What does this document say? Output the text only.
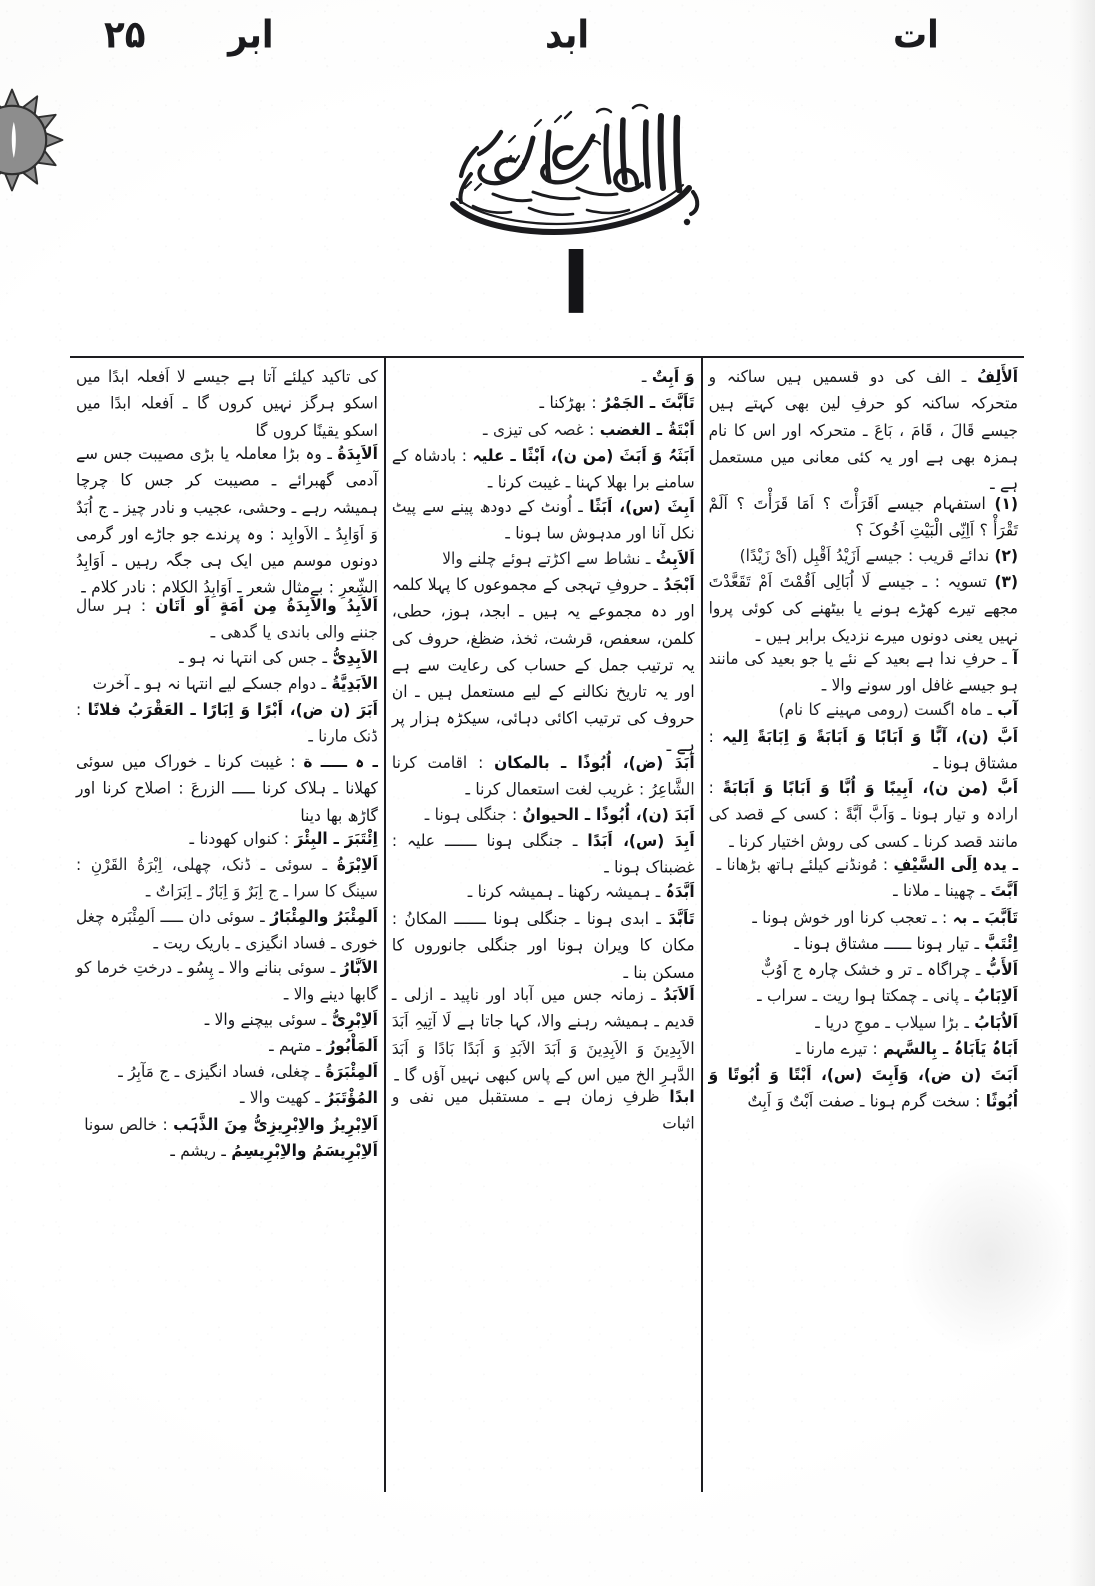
۲۵ ابر	ابد	ات
ا

اَلأَلِفُ ـ الف کی دو قسمیں ہیں ساکنہ و متحرکہ ساکنہ کو حرفِ لین بھی کہتے ہیں جیسے قَالَ ، قَامَ ، بَاعَ ـ متحرکہ اور اس کا نام ہمزہ بھی ہے اور یہ کئی معانی میں مستعمل ہے ـ

(۱) استفہام جیسے اَقَرَأْتَ ؟ اَمَا قَرَأْتَ ؟ اَلَمْ تَقْرَأْ ؟ اَاِنِّی الْبَیْتِ اَخُوکَ ؟

(۲) ندائے قریب : جیسے اَزَیْدُ اَقْبِل (اَیْ زَیْدًا)

(۳) تسویہ : ـ جیسے لَا اُبَالِی اَقُمْتَ اَمْ تَقَعَّدْتَ مجھے تیرے کھڑے ہونے یا بیٹھنے کی کوئی پروا نہیں یعنی دونوں میرے نزدیک برابر ہیں ـ

آ ـ حرفِ ندا ہے بعید کے نئے یا جو بعید کی مانند ہو جیسے غافل اور سونے والا ـ

آب ـ ماہ اگست (رومی مہینے کا نام)

اَبَّ (ن)، آبًّا وَ اَبَابًا وَ اَبَابَةً وَ اِبَابَةً اِلیہ : مشتاق ہونا ـ

اَبَّ (من ن)، اَبِیبًا وَ اُبَّا وَ اَبَابًا وَ اَبَابَةً : ارادہ و تیار ہونا ـ وَاَبَّ اَبَّةً : کسی کے قصد کی مانند قصد کرنا ـ کسی کی روش اختیار کرنا ـ

ـ یدہ اِلَی السَّیْفِ : مُونڈنے کیلئے ہاتھ بڑھانا ـ

اَبَّتَ ـ چھینا ـ ملانا ـ

تَاَبَّبَ ـ بہ : ـ تعجب کرنا اور خوش ہونا ـ

اِئْتَبَّ ـ تیار ہونا ــــــ مشتاق ہونا ـ

اَلأَبُّ ـ چراگاہ ـ تر و خشک چارہ ج اَوُبٌّ

اَلاِبَابُ ـ پانی ـ چمکتا ہوا ریت ـ سراب ـ

اَلاُبَابُ ـ بڑا سیلاب ـ موجِ دریا ـ

اَبَاہُ یَاَبَاہُ ـ بِالسَّہم : تیرے مارنا ـ

اَبَتَ (ن ض)، وَاَبِتَ (س)، اَبْتًا وَ اُبُوتًا وَ اُبُوثًا : سخت گرم ہونا ـ صفت اَبْتٌ وَ اَبِتٌ

وَ اَبِتٌ ـ

تَاَبَّتَ ـ الجَمْرُ : بھڑکنا ـ

اَبْتَةُ ـ الغضب : غصہ کی تیزی ـ

اَبَثَہُ وَ اَبَثَ (من ن)، اَبْثًا ـ علیہ : بادشاہ کے سامنے برا بھلا کہنا ـ غیبت کرنا ـ

اَبِثَ (س)، اَبَثًا ـ اُونٹ کے دودھ پینے سے پیٹ نکل آنا اور مدہوش سا ہونا ـ

اَلاَبِثُ ـ نشاط سے اکڑتے ہوئے چلنے والا

اَبْجَدُ ـ حروفِ تہجی کے مجموعوں کا پہلا کلمہ اور دہ مجموعے یہ ہیں ـ ابجد، ہوز، حطی، کلمن، سعفص، قرشت، ثخذ، ضظغ، حروف کی یہ ترتیب جمل کے حساب کی رعایت سے ہے اور یہ تاریخ نکالنے کے لیے مستعمل ہیں ـ ان حروف کی ترتیب اکائی دہائی، سیکڑہ ہزار پر ہے ـ

اَبَدَ (ض)، اُبُوذًا ـ بالمکان : اقامت کرنا الشَّاعِرُ : غریب لغت استعمال کرنا ـ

اَبَدَ (ن)، اُبُوذًا ـ الحیوانُ : جنگلی ہونا ـ

اَبِدَ (س)، اَبَدًا ـ جنگلی ہونا ـــــــ علیہ : غضبناک ہونا ـ

اَبَّدَہُ ـ ہمیشہ رکھنا ـ ہمیشہ کرنا ـ

تَاَبَّدَ ـ ابدی ہونا ـ جنگلی ہونا ـــــــ المکانُ : مکان کا ویران ہونا اور جنگلی جانوروں کا مسکن بنا ـ

اَلاَبَدُ ـ زمانہ جس میں آباد اور ناپید ـ ازلی ـ قدیم ـ ہمیشہ رہنے والا، کہا جاتا ہے لَا آتِیہِ اَبَدَ الاَبِدِینَ وَ الاَبِدِینَ وَ اَبَدَ الاَبَدِ وَ اَبَدًا بَادًا وَ اَبَدَ الدَّہرِ الخ میں اس کے پاس کبھی نہیں آؤں گا ـ

ابدًا ظرفِ زمان ہے ـ مستقبل میں نفی و اثبات

کی تاکید کیلئے آتا ہے جیسے لا اَفعلہ ابدًا میں اسکو ہرگز نہیں کروں گا ـ اَفعلہ ابدًا میں اسکو یقینًا کروں گا

اَلاَبِدَةُ ـ وہ بڑا معاملہ یا بڑی مصیبت جس سے آدمی گھبرائے ـ مصیبت کر جس کا چرچا ہمیشہ رہے ـ وحشی، عجیب و نادر چیز ـ ج اُبَدٌ وَ اَوَابِدُ ـ الاَوابِد : وہ پرندے جو جاڑے اور گرمی دونوں موسم میں ایک ہی جگہ رہیں ـ اَوَابِدُ الشِّعرِ : بےمثال شعر ـ اَوَابِدُ الکلام : نادر کلام ـ

اَلاَبِدُ والاَبِدَةُ مِن اَمَةٍ اَو اَتَان : ہر سال جننے والی باندی یا گدھی ـ

الاَبِدِیُّ ـ جس کی انتہا نہ ہو ـ

الاَبَدِیَّةُ ـ دوام جسکے لیے انتہا نہ ہو ـ آخرت

اَبَرَ (ن ض)، اَبْرًا وَ اِبَارًا ـ العَقْرَبُ فلانًا : ڈنک مارنا ـ

ـ ہ ـــــ ة : غیبت کرنا ـ خوراک میں سوئی کھلانا ـ ہلاک کرنا ـــــ الزرعَ : اصلاح کرنا اور گاڑھ بھا دینا

اِئْتَبَرَ ـ البِئْرَ : کنواں کھودنا ـ

اَلاِبْرَةُ ـ سوئی ـ ڈنک، چھلی، اِبْرَةُ القَرْنِ : سینگ کا سرا ـ ج اِبَرٌ وَ اِبَارٌ ـ اِبَرَاتٌ ـ

اَلمِئْبَرُ والمِئْبَارُ ـ سوئی دان ـــــ اَلمِئْبَرہ چغل خوری ـ فساد انگیزی ـ باریک ریت ـ

الاَبَّارُ ـ سوئی بنانے والا ـ پِسُو ـ درختِ خرما کو گابھا دینے والا ـ

اَلاِبْرِیُّ ـ سوئی بیچنے والا ـ

اَلمَاْبُورُ ـ متہم ـ

اَلمِئْبَرَةُ ـ چغلی، فساد انگیزی ـ ج مَآبِرُ ـ

المُؤْتَبَرُ ـ کھیت والا ـ

اَلاِبْرِیزُ والاِبْرِیزِیُّ مِنَ الذَّہَب : خالص سونا

اَلاِبْرِیسَمُ والاِبْرِیسِمُ ـ ریشم ـ
